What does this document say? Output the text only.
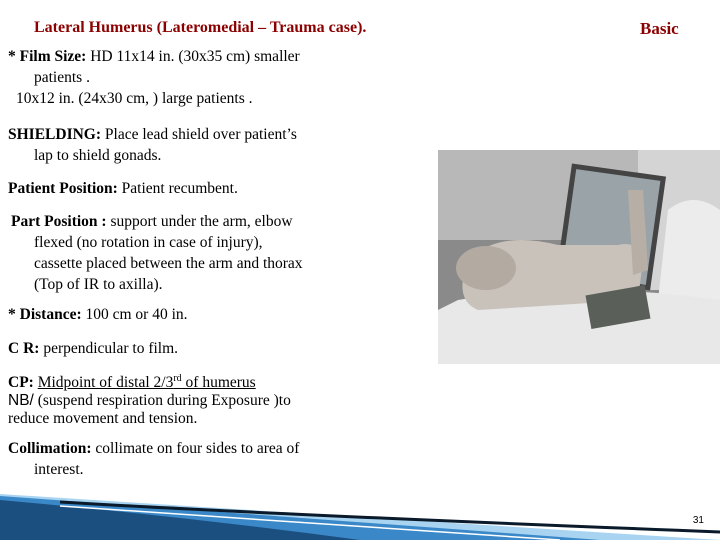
Lateral Humerus (Lateromedial – Trauma case).	Basic
* Film Size: HD 11x14 in. (30x35 cm) smaller
patients .
10x12 in. (24x30 cm, ) large patients .
SHIELDING: Place lead shield over patient’s
lap to shield gonads.
Patient Position: Patient recumbent.
Part Position : support under the arm, elbow
flexed (no rotation in case of injury),
cassette placed between the arm and thorax
(Top of IR to axilla).
* Distance: 100 cm or 40 in.
C R: perpendicular to film.
CP: Midpoint of distal 2/3rd of humerus
NB/ (suspend respiration during Exposure )to
reduce movement and tension.
Collimation: collimate on four sides to area of
interest.
31
